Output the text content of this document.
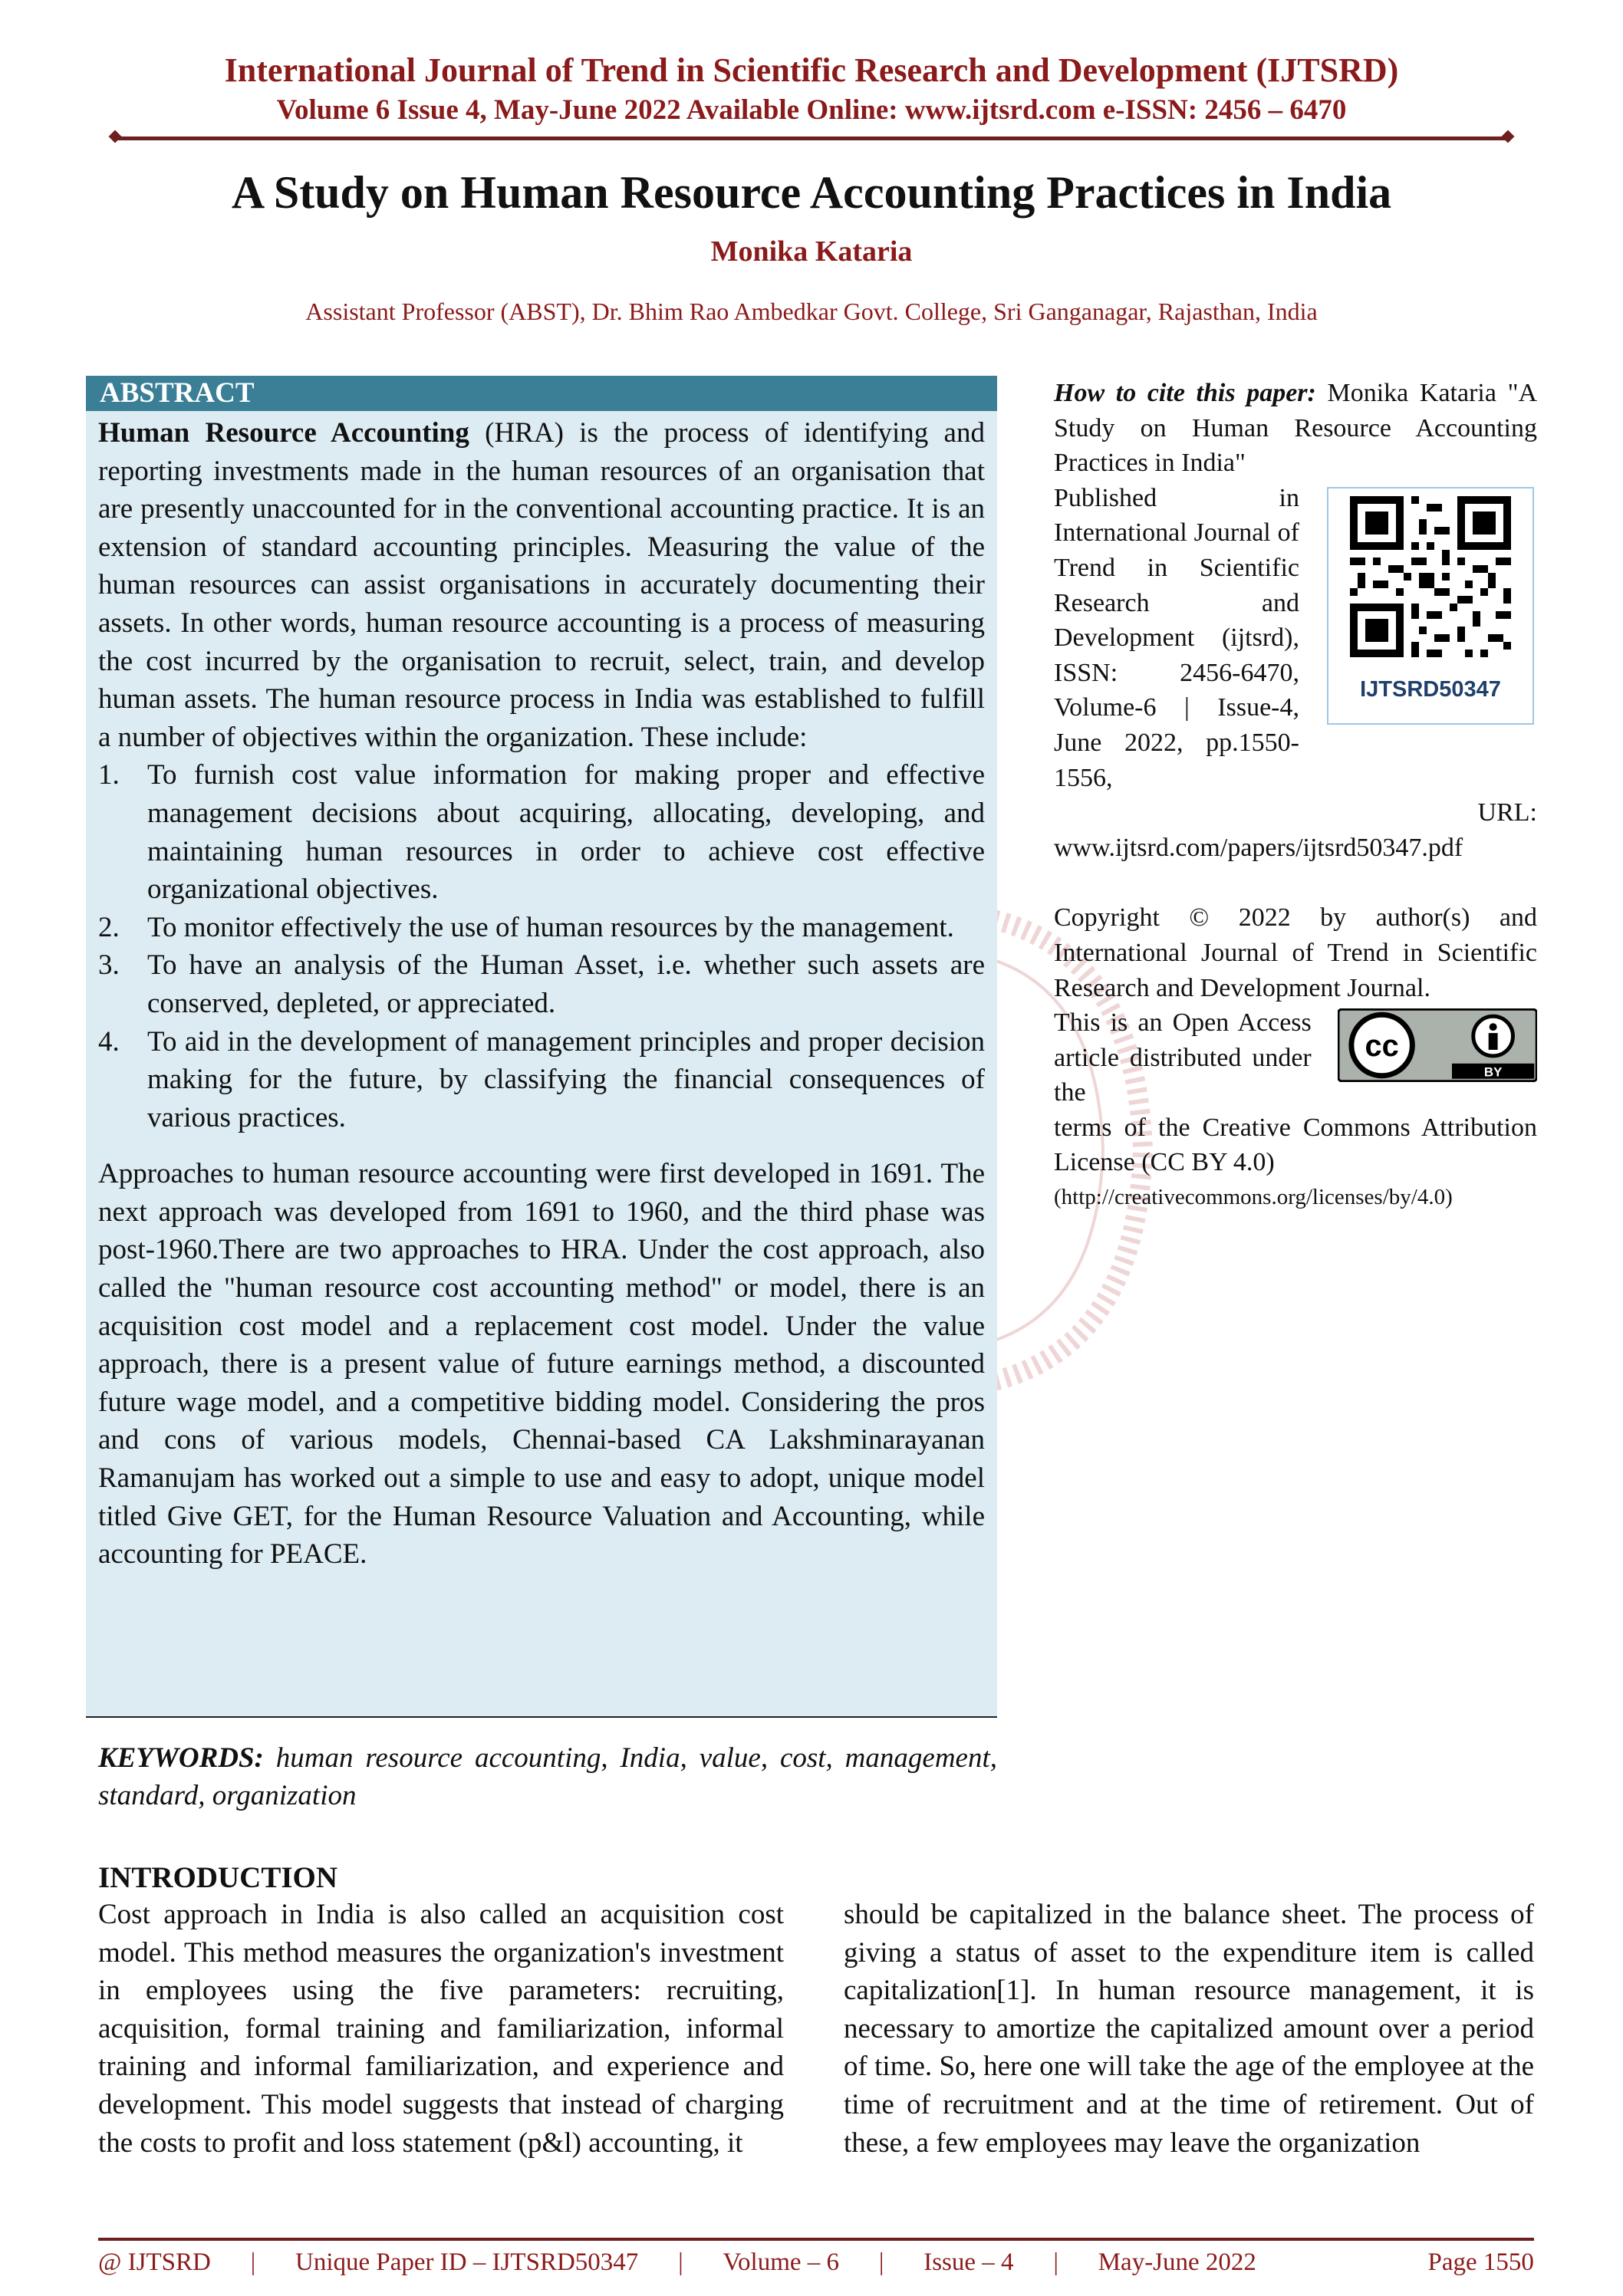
International Journal of Trend in Scientific Research and Development (IJTSRD)
Volume 6 Issue 4, May-June 2022 Available Online: www.ijtsrd.com e-ISSN: 2456 – 6470
A Study on Human Resource Accounting Practices in India
Monika Kataria
Assistant Professor (ABST), Dr. Bhim Rao Ambedkar Govt. College, Sri Ganganagar, Rajasthan, India
ABSTRACT

Human Resource Accounting (HRA) is the process of identifying and reporting investments made in the human resources of an organisation that are presently unaccounted for in the conventional accounting practice. It is an extension of standard accounting principles. Measuring the value of the human resources can assist organisations in accurately documenting their assets. In other words, human resource accounting is a process of measuring the cost incurred by the organisation to recruit, select, train, and develop human assets. The human resource process in India was established to fulfill a number of objectives within the organization. These include:

1. To furnish cost value information for making proper and effective management decisions about acquiring, allocating, developing, and maintaining human resources in order to achieve cost effective organizational objectives.
2. To monitor effectively the use of human resources by the management.
3. To have an analysis of the Human Asset, i.e. whether such assets are conserved, depleted, or appreciated.
4. To aid in the development of management principles and proper decision making for the future, by classifying the financial consequences of various practices.

Approaches to human resource accounting were first developed in 1691. The next approach was developed from 1691 to 1960, and the third phase was post-1960.There are two approaches to HRA. Under the cost approach, also called the "human resource cost accounting method" or model, there is an acquisition cost model and a replacement cost model. Under the value approach, there is a present value of future earnings method, a discounted future wage model, and a competitive bidding model. Considering the pros and cons of various models, Chennai-based CA Lakshminarayanan Ramanujam has worked out a simple to use and easy to adopt, unique model titled Give GET, for the Human Resource Valuation and Accounting, while accounting for PEACE.

KEYWORDS: human resource accounting, India, value, cost, management, standard, organization
How to cite this paper: Monika Kataria "A Study on Human Resource Accounting Practices in India"
Published in International Journal of Trend in Scientific Research and Development (ijtsrd), ISSN: 2456-6470, Volume-6 | Issue-4, June 2022, pp.1550-1556,
IJTSRD50347
URL:
www.ijtsrd.com/papers/ijtsrd50347.pdf
Copyright © 2022 by author(s) and International Journal of Trend in Scientific Research and Development Journal.
This is an Open Access article distributed under the
cc
BY
terms of the Creative Commons Attribution License (CC BY 4.0)
(http://creativecommons.org/licenses/by/4.0)
INTRODUCTION
Cost approach in India is also called an acquisition cost model. This method measures the organization's investment in employees using the five parameters: recruiting, acquisition, formal training and familiarization, informal training and informal familiarization, and experience and development. This model suggests that instead of charging the costs to profit and loss statement (p&l) accounting, it
should be capitalized in the balance sheet. The process of giving a status of asset to the expenditure item is called capitalization[1]. In human resource management, it is necessary to amortize the capitalized amount over a period of time. So, here one will take the age of the employee at the time of recruitment and at the time of retirement. Out of these, a few employees may leave the organization
@ IJTSRD | Unique Paper ID – IJTSRD50347 | Volume – 6 | Issue – 4 | May-June 2022	Page 1550
